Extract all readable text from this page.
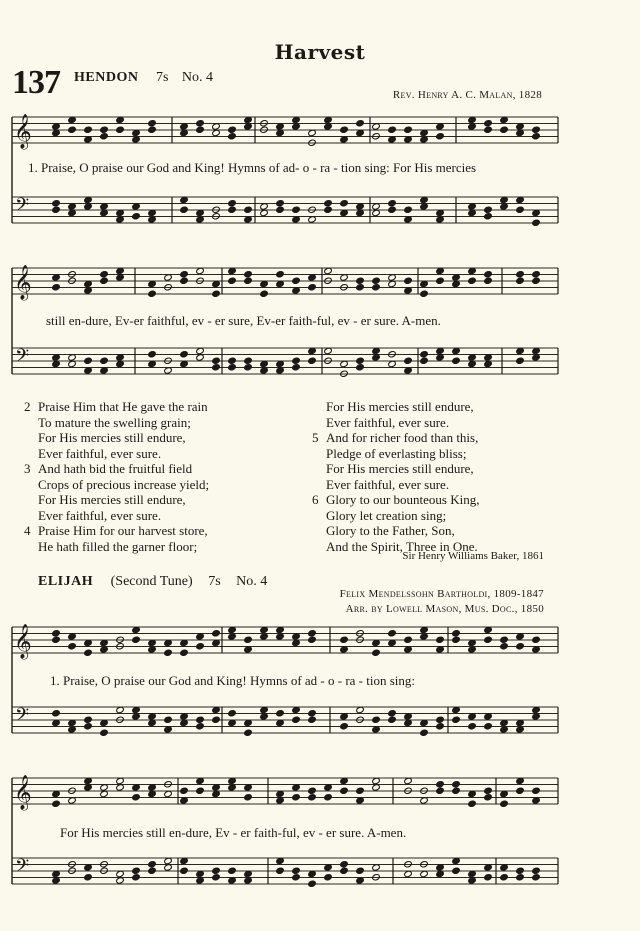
Harvest
137 HENDON 7s No. 4
Rev. Henry A. C. Malan, 1828
𝄞
𝄢
𝄞
𝄢
𝄞
𝄢
𝄞
𝄢
1. Praise, O praise our God and King! Hymns of ad- o - ra - tion sing: For His mercies
still en-dure, Ev-er faithful, ev - er sure, Ev-er faith-ful, ev - er sure. A-men.
2 Praise Him that He gave the rain
To mature the swelling grain;
For His mercies still endure,
Ever faithful, ever sure.
3 And hath bid the fruitful field
Crops of precious increase yield;
For His mercies still endure,
Ever faithful, ever sure.
4 Praise Him for our harvest store,
He hath filled the garner floor;
For His mercies still endure,
Ever faithful, ever sure.
5 And for richer food than this,
Pledge of everlasting bliss;
For His mercies still endure,
Ever faithful, ever sure.
6 Glory to our bounteous King,
Glory let creation sing;
Glory to the Father, Son,
And the Spirit, Three in One.
Sir Henry Williams Baker, 1861
ELIJAH (Second Tune) 7s No. 4
Felix Mendelssohn Bartholdi, 1809-1847
Arr. by Lowell Mason, Mus. Doc., 1850
1. Praise, O praise our God and King! Hymns of ad - o - ra - tion sing:
For His mercies still en-dure, Ev - er faith-ful, ev - er sure. A-men.
